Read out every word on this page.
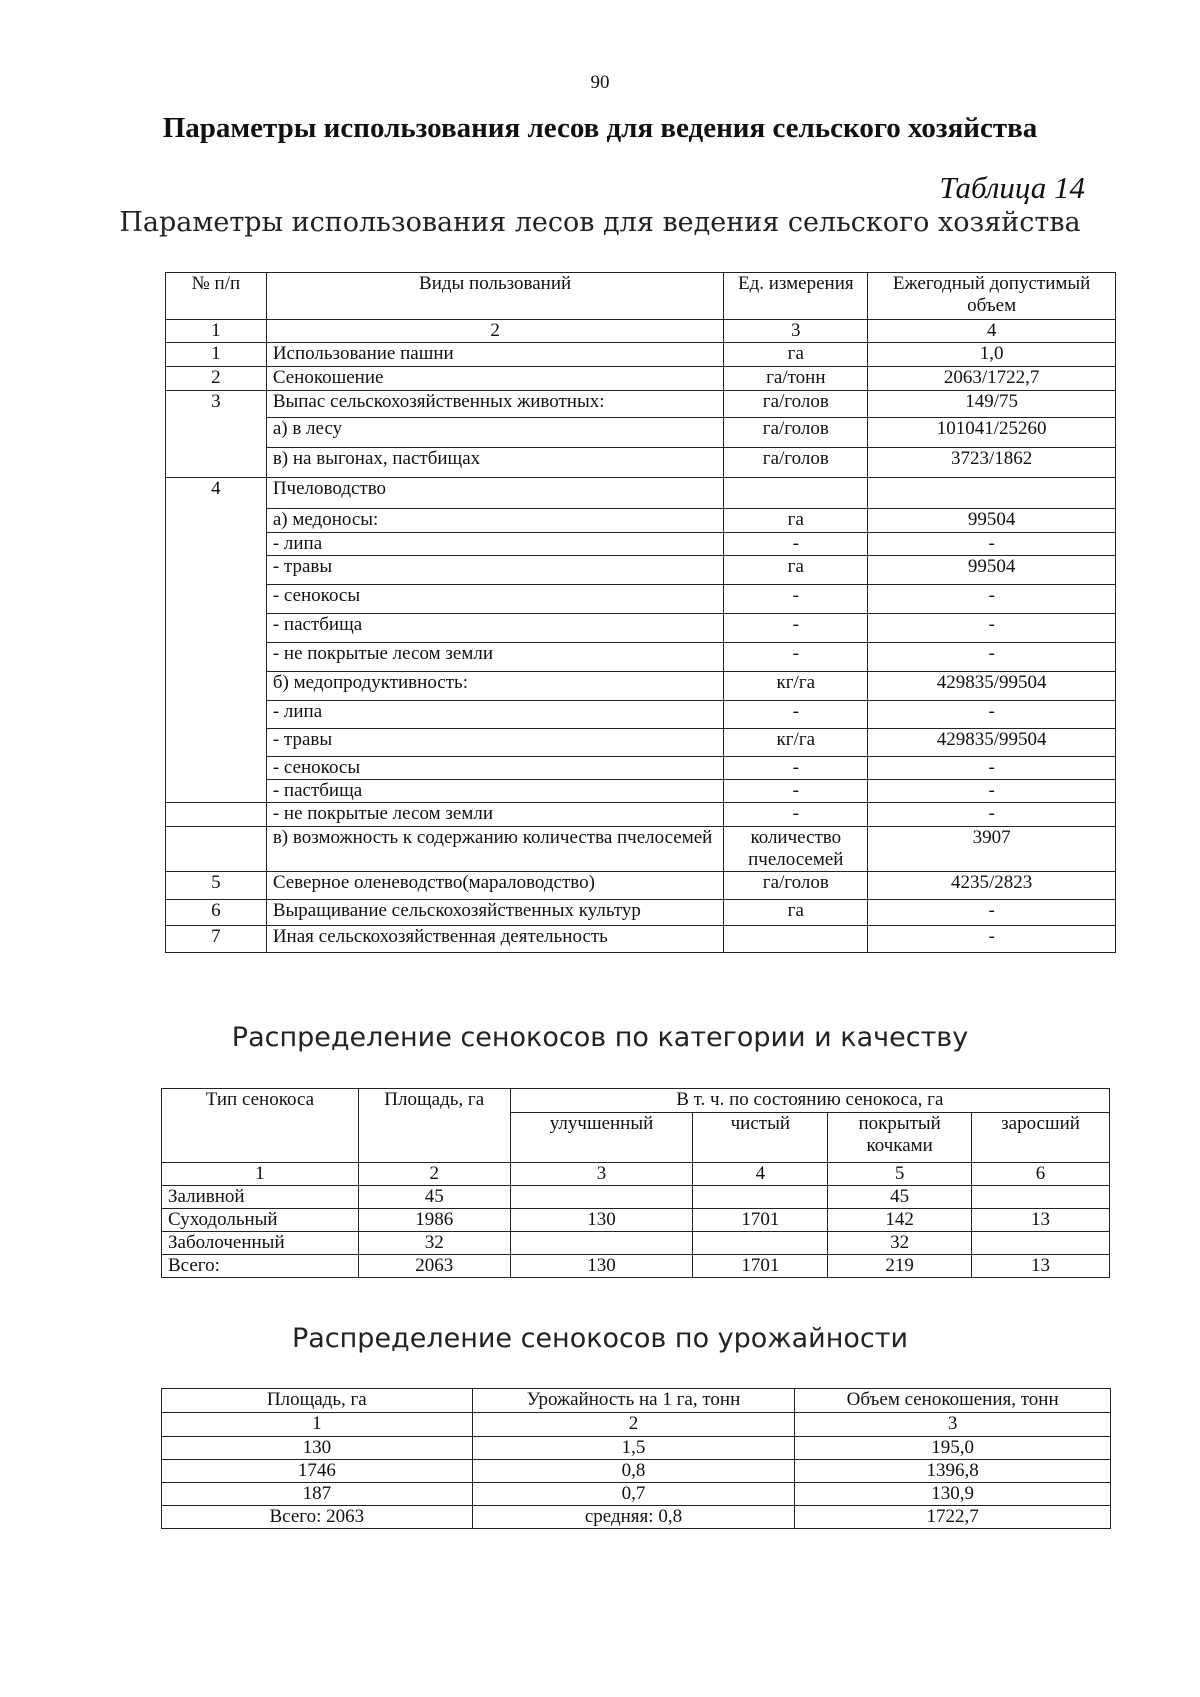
90
Параметры использования лесов для ведения сельского хозяйства
Таблица 14
Параметры использования лесов для ведения сельского хозяйства
№ п/п	Виды пользований	Ед. измерения	Ежегодный допустимый объем
1	2	3	4
1	Использование пашни	га	1,0
2	Сенокошение	га/тонн	2063/1722,7
3	Выпас сельскохозяйственных животных:	га/голов	149/75
	а) в лесу	га/голов	101041/25260
	в) на выгонах, пастбищах	га/голов	3723/1862
4	Пчеловодство		
	а) медоносы:	га	99504
	- липа	-	-
	- травы	га	99504
	- сенокосы	-	-
	- пастбища	-	-
	- не покрытые лесом земли	-	-
	б) медопродуктивность:	кг/га	429835/99504
	- липа	-	-
	- травы	кг/га	429835/99504
	- сенокосы	-	-
	- пастбища	-	-
	- не покрытые лесом земли	-	-
	в) возможность к содержанию количества пчелосемей	количество пчелосемей	3907
5	Северное оленеводство(мараловодство)	га/голов	4235/2823
6	Выращивание сельскохозяйственных культур	га	-
7	Иная сельскохозяйственная деятельность		-
Распределение сенокосов по категории и качеству
Тип сенокоса	Площадь, га	В т. ч. по состоянию сенокоса, га			
		улучшенный	чистый	покрытый кочками	заросший
1	2	3	4	5	6
Заливной	45			45	
Суходольный	1986	130	1701	142	13
Заболоченный	32			32	
Всего:	2063	130	1701	219	13
Распределение сенокосов по урожайности
Площадь, га	Урожайность на 1 га, тонн	Объем сенокошения, тонн
1	2	3
130	1,5	195,0
1746	0,8	1396,8
187	0,7	130,9
Всего: 2063	средняя: 0,8	1722,7
